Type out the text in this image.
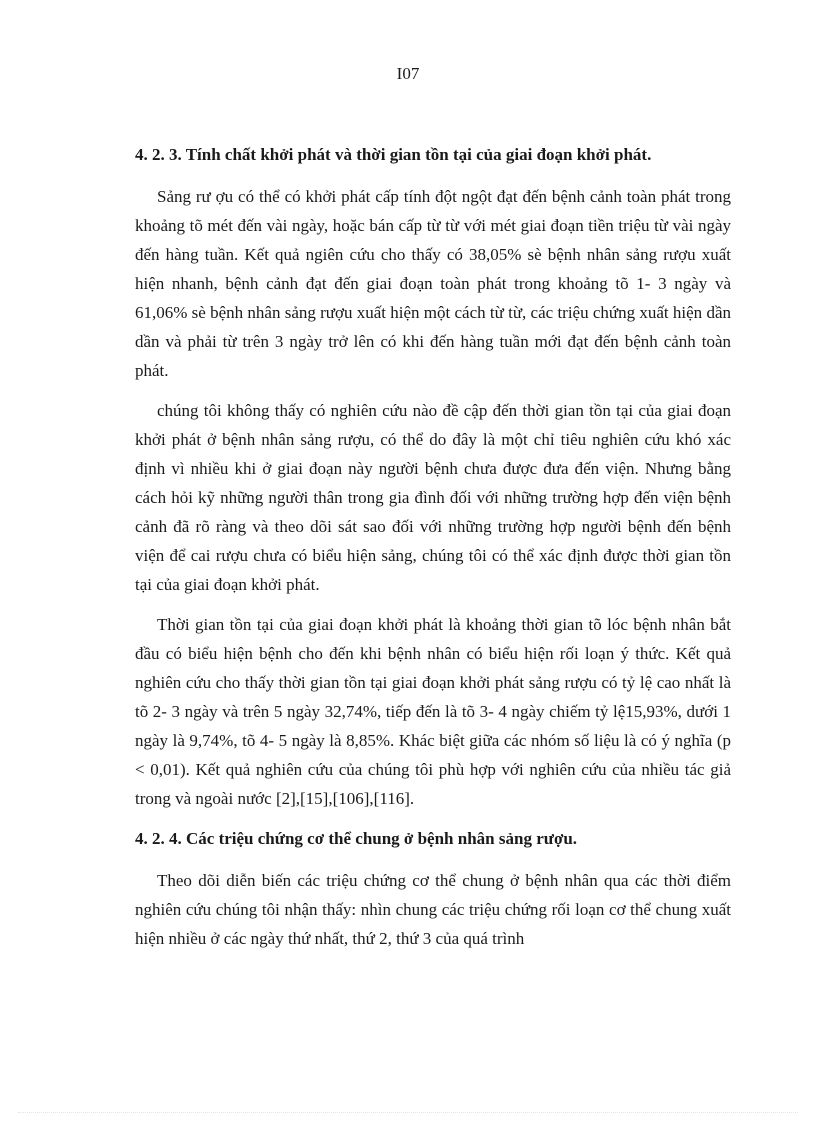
I07
4. 2. 3. Tính chất khởi phát và thời gian tồn tại của giai đoạn khởi phát.

Sảng rư ợu có thể có khởi phát cấp tính đột ngột đạt đến bệnh cảnh toàn phát trong khoảng tõ mét đến vài ngày, hoặc bán cấp từ từ với mét giai đoạn tiền triệu từ vài ngày đến hàng tuần. Kết quả ngiên cứu cho thấy có 38,05% sè bệnh nhân sảng rượu xuất hiện nhanh, bệnh cảnh đạt đến giai đoạn toàn phát trong khoảng tõ 1- 3 ngày và 61,06% sè bệnh nhân sảng rượu xuất hiện một cách từ từ, các triệu chứng xuất hiện dần dần và phải từ trên 3 ngày trở lên có khi đến hàng tuần mới đạt đến bệnh cảnh toàn phát.

chúng tôi không thấy có nghiên cứu nào đề cập đến thời gian tồn tại của giai đoạn khởi phát ở bệnh nhân sảng rượu, có thể do đây là một chỉ tiêu nghiên cứu khó xác định vì nhiều khi ở giai đoạn này người bệnh chưa được đưa đến viện. Nhưng bằng cách hỏi kỹ những người thân trong gia đình đối với những trường hợp đến viện bệnh cảnh đã rõ ràng và theo dõi sát sao đối với những trường hợp người bệnh đến bệnh viện để cai rượu chưa có biểu hiện sảng, chúng tôi có thể xác định được thời gian tồn tại của giai đoạn khởi phát.

Thời gian tồn tại của giai đoạn khởi phát là khoảng thời gian tõ lóc bệnh nhân bắt đầu có biểu hiện bệnh cho đến khi bệnh nhân có biểu hiện rối loạn ý thức. Kết quả nghiên cứu cho thấy thời gian tồn tại giai đoạn khởi phát sảng rượu có tỷ lệ cao nhất là tõ 2- 3 ngày và trên 5 ngày 32,74%, tiếp đến là tõ 3- 4 ngày chiếm tỷ lệ15,93%, dưới 1 ngày là 9,74%, tõ 4- 5 ngày là 8,85%. Khác biệt giữa các nhóm số liệu là có ý nghĩa (p < 0,01). Kết quả nghiên cứu của chúng tôi phù hợp với nghiên cứu của nhiều tác giả trong và ngoài nước [2],[15],[106],[116].

4. 2. 4. Các triệu chứng cơ thể chung ở bệnh nhân sảng rượu.

Theo dõi diễn biến các triệu chứng cơ thể chung ở bệnh nhân qua các thời điểm nghiên cứu chúng tôi nhận thấy: nhìn chung các triệu chứng rối loạn cơ thể chung xuất hiện nhiều ở các ngày thứ nhất, thứ 2, thứ 3 của quá trình
